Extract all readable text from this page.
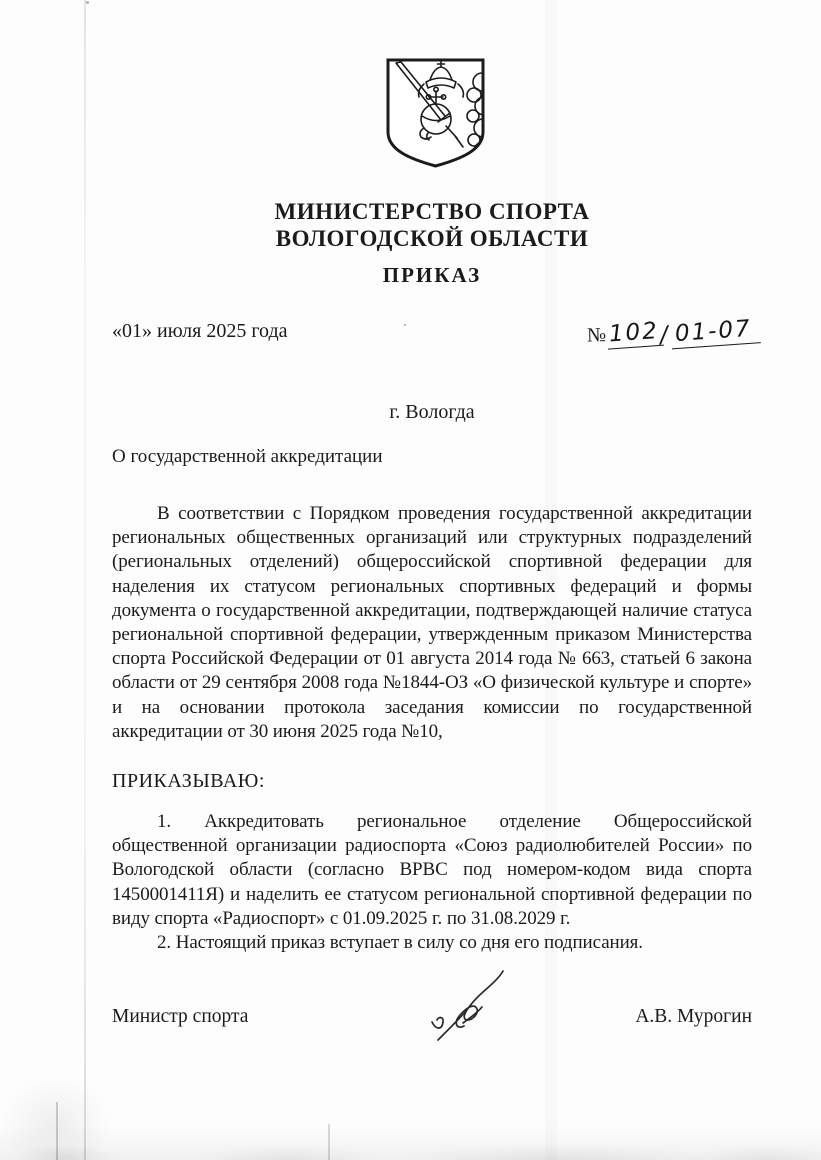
МИНИСТЕРСТВО СПОРТА
ВОЛОГОДСКОЙ ОБЛАСТИ
ПРИКАЗ
«01» июля 2025 года	№ 102 / 01-07
г. Вологда
О государственной аккредитации

В соответствии с Порядком проведения государственной аккредитации региональных общественных организаций или структурных подразделений (региональных отделений) общероссийской спортивной федерации для наделения их статусом региональных спортивных федераций и формы документа о государственной аккредитации, подтверждающей наличие статуса региональной спортивной федерации, утвержденным приказом Министерства спорта Российской Федерации от 01 августа 2014 года № 663, статьей 6 закона области от 29 сентября 2008 года №1844-ОЗ «О физической культуре и спорте» и на основании протокола заседания комиссии по государственной аккредитации от 30 июня 2025 года №10,

ПРИКАЗЫВАЮ:

1. Аккредитовать региональное отделение Общероссийской общественной организации радиоспорта «Союз радиолюбителей России» по Вологодской области (согласно ВРВС под номером-кодом вида спорта 1450001411Я) и наделить ее статусом региональной спортивной федерации по виду спорта «Радиоспорт» с 01.09.2025 г. по 31.08.2029 г.

2. Настоящий приказ вступает в силу со дня его подписания.

Министр спорта	А.В. Мурогин
